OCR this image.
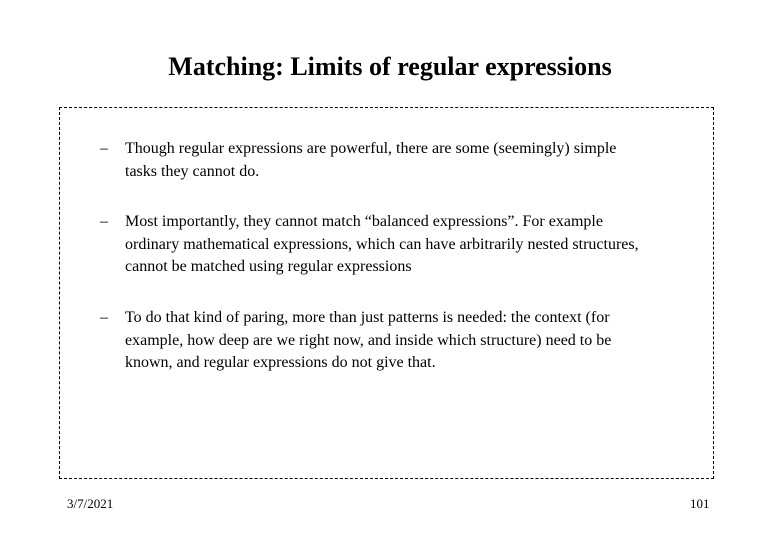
Matching: Limits of regular expressions
– Though regular expressions are powerful, there are some (seemingly) simple
tasks they cannot do.
– Most importantly, they cannot match “balanced expressions”. For example
ordinary mathematical expressions, which can have arbitrarily nested structures,
cannot be matched using regular expressions
– To do that kind of paring, more than just patterns is needed: the context (for
example, how deep are we right now, and inside which structure) need to be
known, and regular expressions do not give that.
3/7/2021	101
